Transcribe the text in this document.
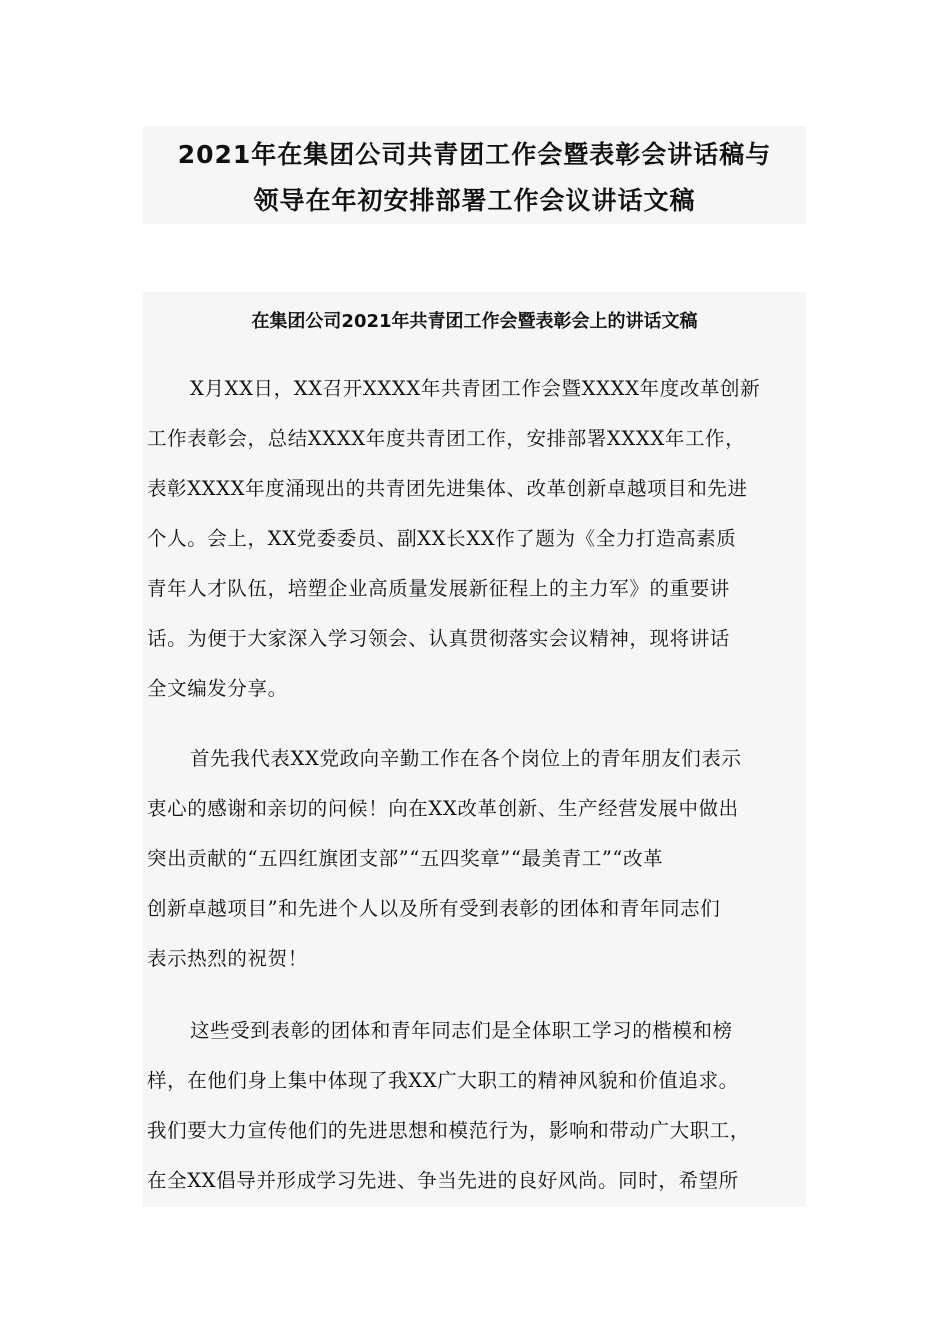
2021年在集团公司共青团工作会暨表彰会讲话稿与
领导在年初安排部署工作会议讲话文稿
在集团公司2021年共青团工作会暨表彰会上的讲话文稿
X月XX日，XX召开XXXX年共青团工作会暨XXXX年度改革创新
工作表彰会，总结XXXX年度共青团工作，安排部署XXXX年工作，
表彰XXXX年度涌现出的共青团先进集体、改革创新卓越项目和先进
个人。会上，XX党委委员、副XX长XX作了题为《全力打造高素质
青年人才队伍，培塑企业高质量发展新征程上的主力军》的重要讲
话。为便于大家深入学习领会、认真贯彻落实会议精神，现将讲话
全文编发分享。
首先我代表XX党政向辛勤工作在各个岗位上的青年朋友们表示
衷心的感谢和亲切的问候！向在XX改革创新、生产经营发展中做出
突出贡献的“五四红旗团支部”“五四奖章”“最美青工”“改革
创新卓越项目”和先进个人以及所有受到表彰的团体和青年同志们
表示热烈的祝贺！
这些受到表彰的团体和青年同志们是全体职工学习的楷模和榜
样，在他们身上集中体现了我XX广大职工的精神风貌和价值追求。
我们要大力宣传他们的先进思想和模范行为，影响和带动广大职工，
在全XX倡导并形成学习先进、争当先进的良好风尚。同时，希望所
